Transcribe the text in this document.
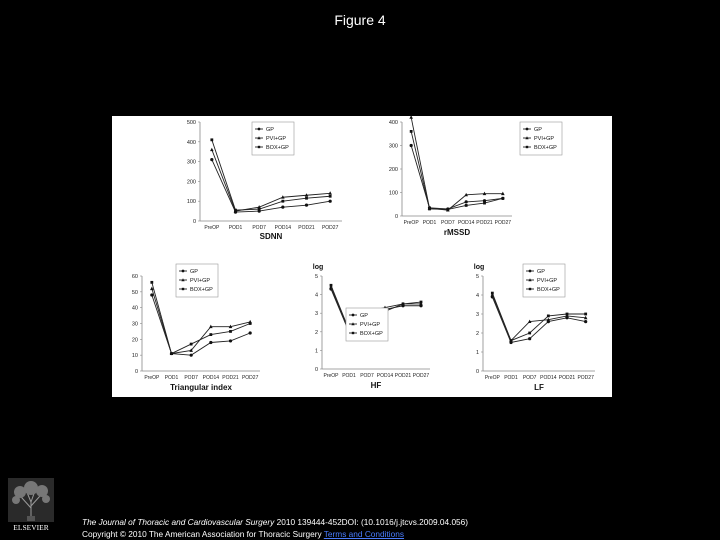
Figure 4
0
100
200
300
400
500
PreOP POD1 POD7 POD14 POD21 POD27
SDNN
GP
PVI+GP
BOX+GP
0
100
200
300
400
PreOP POD1 POD7 POD14 POD21 POD27
rMSSD
GP
PVI+GP
BOX+GP
0
10
20
30
40
50
60
PreOP POD1 POD7 POD14 POD21 POD27
Triangular index
GP
PVI+GP
BOX+GP
0
1
2
3
4
5
PreOP POD1 POD7 POD14 POD21 POD27
log
HF
GP
PVI+GP
BOX+GP
0
1
2
3
4
5
PreOP POD1 POD7 POD14 POD21 POD27
log
LF
GP
PVI+GP
BOX+GP
ELSEVIER
The Journal of Thoracic and Cardiovascular Surgery 2010 139444-452DOI: (10.1016/j.jtcvs.2009.04.056)
Copyright © 2010 The American Association for Thoracic Surgery Terms and Conditions
